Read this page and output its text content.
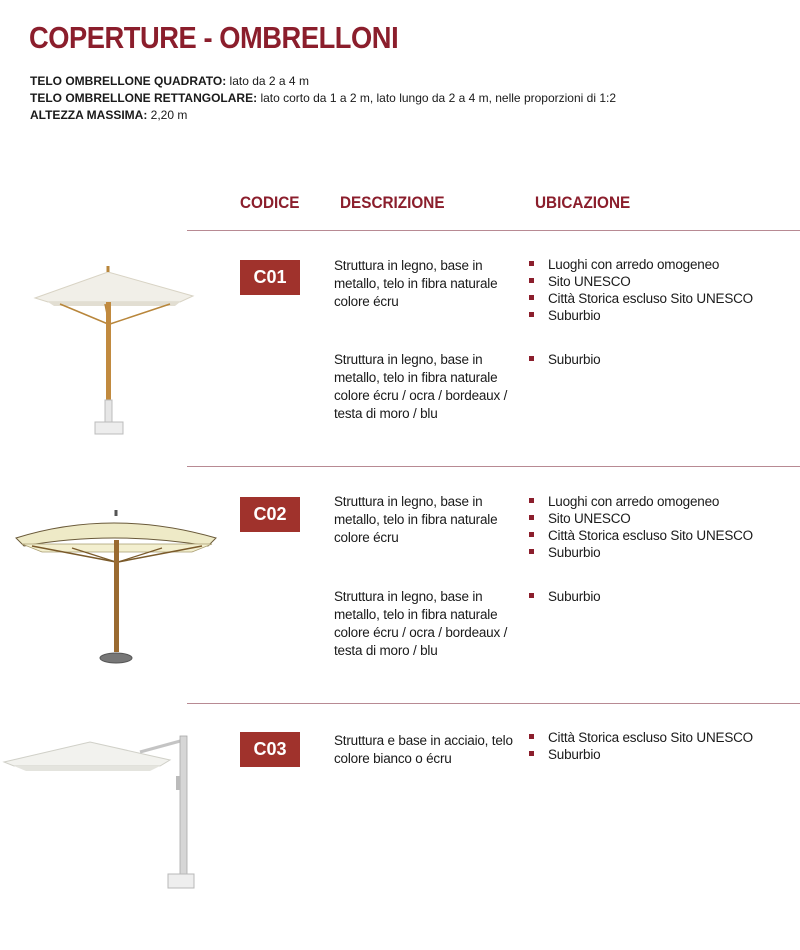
COPERTURE - OMBRELLONI
TELO OMBRELLONE QUADRATO: lato da 2 a 4 m
TELO OMBRELLONE RETTANGOLARE: lato corto da 1 a 2 m, lato lungo da 2 a 4 m, nelle proporzioni di 1:2
ALTEZZA MASSIMA: 2,20 m
CODICE DESCRIZIONE	UBICAZIONE
C01
Struttura in legno, base in metallo, telo in fibra naturale colore écru
Luoghi con arredo omogeneo
Sito UNESCO
Città Storica escluso Sito UNESCO
Suburbio
Struttura in legno, base in metallo, telo in fibra naturale colore écru / ocra / bordeaux / testa di moro / blu
Suburbio
C02
Struttura in legno, base in metallo, telo in fibra naturale colore écru
Luoghi con arredo omogeneo
Sito UNESCO
Città Storica escluso Sito UNESCO
Suburbio
Struttura in legno, base in metallo, telo in fibra naturale colore écru / ocra / bordeaux / testa di moro / blu
Suburbio
C03	Struttura e base in acciaio, telo colore bianco o écru
Città Storica escluso Sito UNESCO
Suburbio
